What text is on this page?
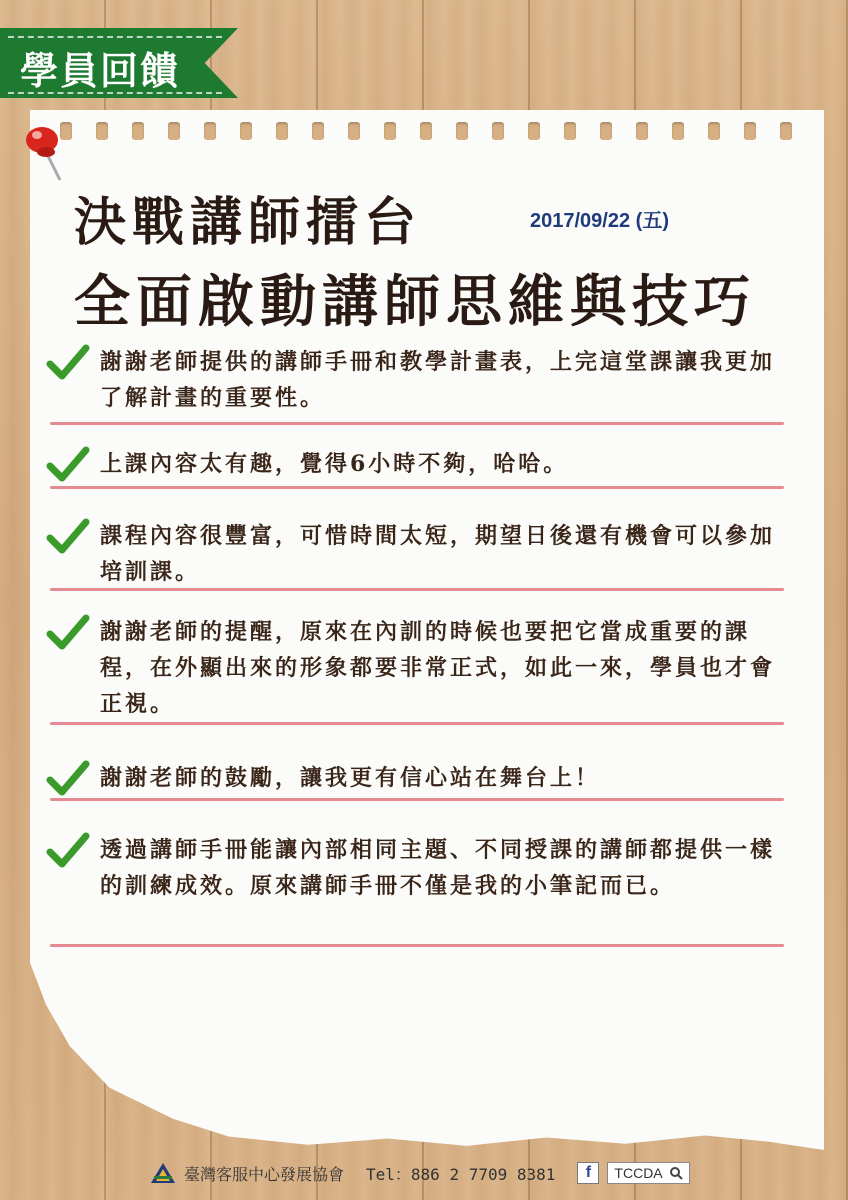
學員回饋
決戰講師擂台	2017/09/22 (五)
全面啟動講師思維與技巧
謝謝老師提供的講師手冊和教學計畫表，上完這堂課讓我更加了解計畫的重要性。
上課內容太有趣，覺得6小時不夠，哈哈。
課程內容很豐富，可惜時間太短，期望日後還有機會可以參加培訓課。
謝謝老師的提醒，原來在內訓的時候也要把它當成重要的課程，在外顯出來的形象都要非常正式，如此一來，學員也才會正視。
謝謝老師的鼓勵，讓我更有信心站在舞台上！
透過講師手冊能讓內部相同主題、不同授課的講師都提供一樣的訓練成效。原來講師手冊不僅是我的小筆記而已。
臺灣客服中心發展協會 Tel：886 2 7709 8381	f	TCCDA
